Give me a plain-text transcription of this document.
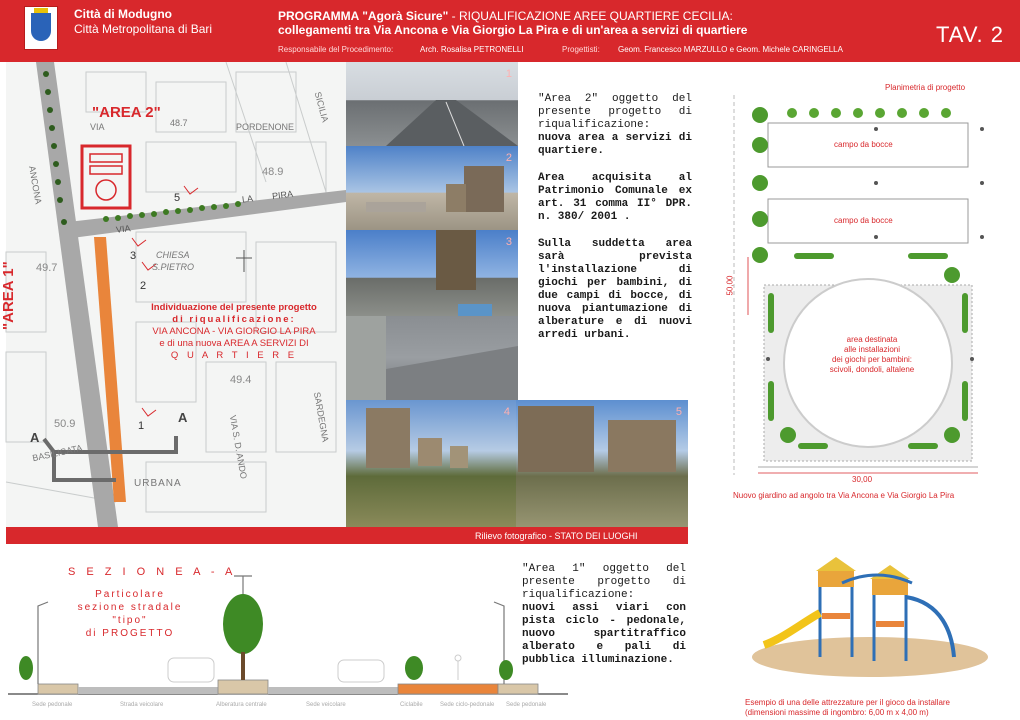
Città di Modugno
Città Metropolitana di Bari
PROGRAMMA "Agorà Sicure" - RIQUALIFICAZIONE AREE QUARTIERE CECILIA:
collegamenti tra Via Ancona e Via Giorgio La Pira e di un'area a servizi di quartiere	TAV. 2
Responsabile del Procedimento:	Arch. Rosalisa PETRONELLI	Progettisti: Geom. Francesco MARZULLO e Geom. Michele CARINGELLA
"AREA 2"
"AREA 1"
A
A
Individuazione del presente progetto
di riqualificazione:
VIA ANCONA - VIA GIORGIO LA PIRA
e di una nuova AREA A SERVIZI DI
Q U A R T I E R E
VIA	PORDENONE
SICILIA
48.7
48.9
VIA
LA PIRA
CHIESA
S.PIETRO
49.7
49.4
50.9
BASILICATA
URBANA
SARDEGNA
VIA S. D. ANDO
ANCONA	5
3
2
1
1
2
3
4	5
Rilievo fotografico - STATO DEI LUOGHI
"Area 2" oggetto del presente progetto di riqualificazione:
nuova area a servizi di quartiere.
Area acquisita al Patrimonio Comunale ex art. 31 comma II° DPR. n. 380/ 2001 .
Sulla suddetta area sarà prevista l'installazione di giochi per bambini, di due campi di bocce, di nuova piantumazione di alberature e di nuovi arredi urbani.
Planimetria di progetto
campo da bocce
campo da bocce
area destinata
alle installazioni
dei giochi per bambini:
scivoli, dondoli, altalene
50,00
30,00
Nuovo giardino ad angolo tra Via Ancona e Via Giorgio La Pira
S E Z I O N E A - A
Particolare
sezione stradale "tipo"
di PROGETTO
Sede pedonale	Strada veicolare	Alberatura centrale	Sede veicolare	Ciclabile	Sede ciclo-pedonale Sede pedonale
"Area 1" oggetto del presente progetto di riqualificazione:
nuovi assi viari con pista ciclo - pedonale, nuovo spartitraffico alberato e pali di pubblica illuminazione.
Esempio di una delle attrezzature per il gioco da installare
(dimensioni massime di ingombro: 6,00 m x 4,00 m)
